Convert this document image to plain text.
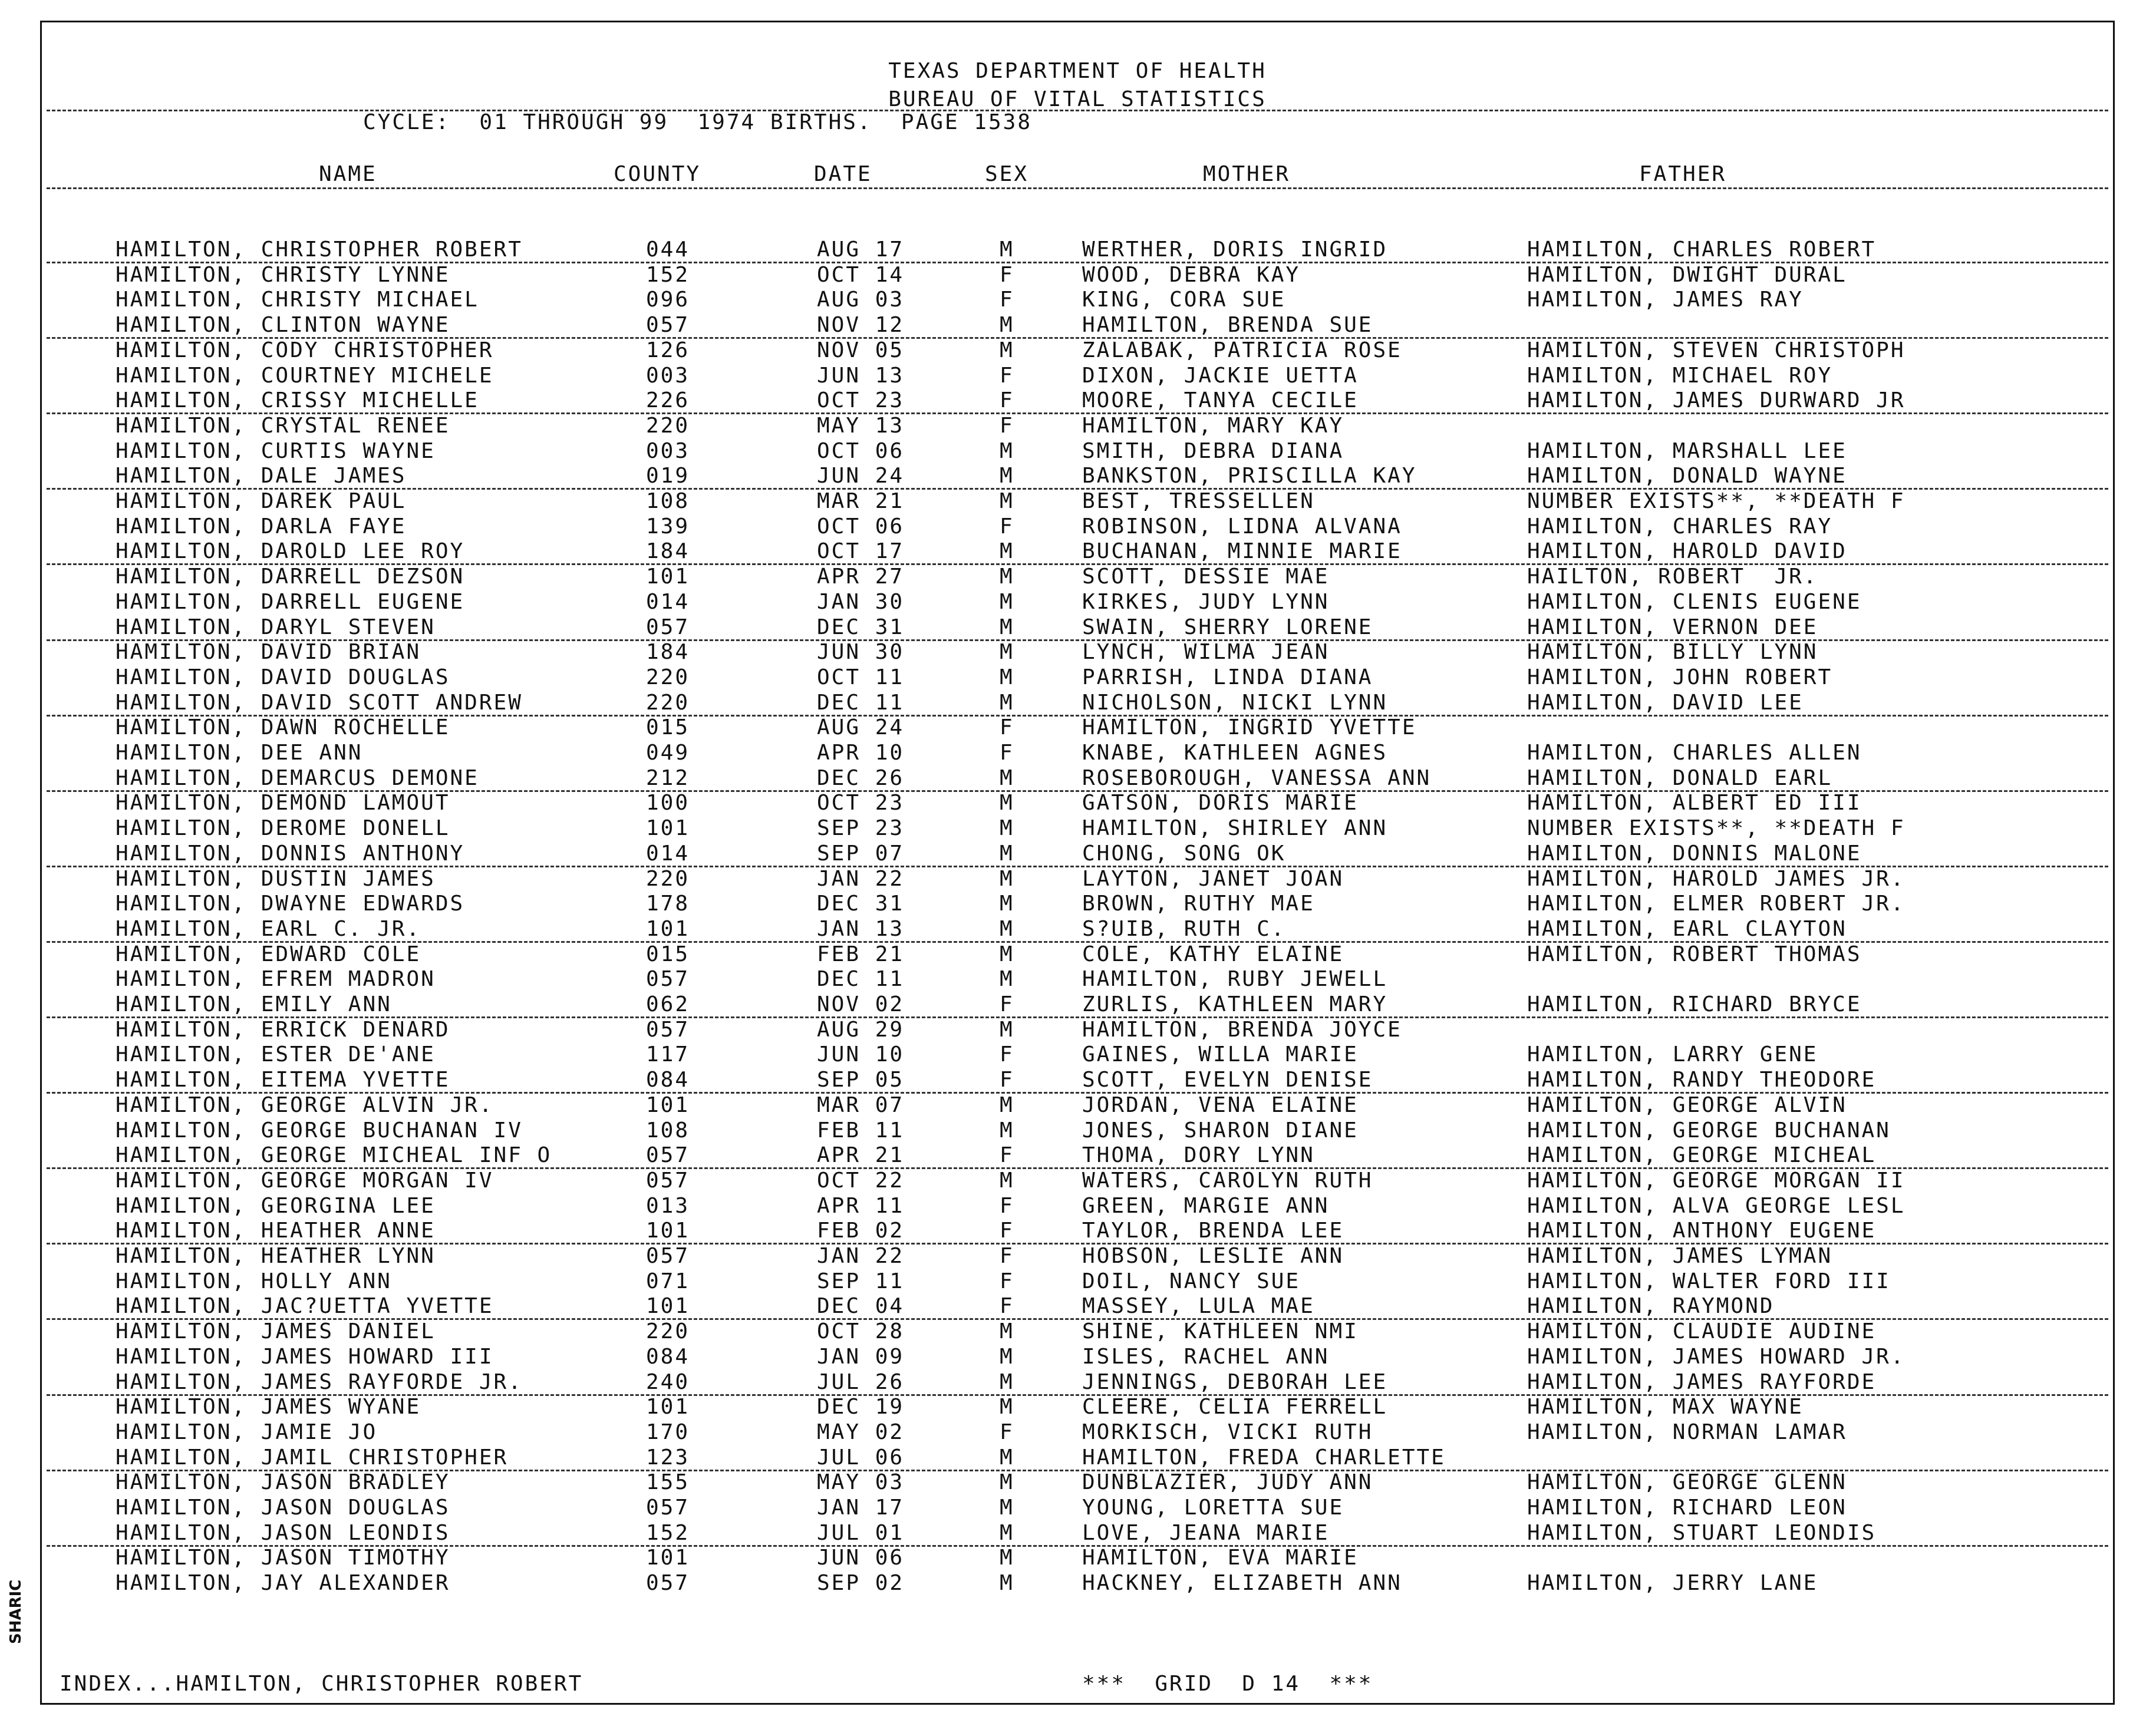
TEXAS DEPARTMENT OF HEALTH
BUREAU OF VITAL STATISTICS
CYCLE:  01 THROUGH 99  1974 BIRTHS.  PAGE 1538
NAME	COUNTY	DATE	SEX	MOTHER	FATHER
HAMILTON, CHRISTOPHER ROBERT	044	AUG 17	M	WERTHER, DORIS INGRID	HAMILTON, CHARLES ROBERT
HAMILTON, CHRISTY LYNNE	152	OCT 14	F	WOOD, DEBRA KAY	HAMILTON, DWIGHT DURAL
HAMILTON, CHRISTY MICHAEL	096	AUG 03	F	KING, CORA SUE	HAMILTON, JAMES RAY
HAMILTON, CLINTON WAYNE	057	NOV 12	M	HAMILTON, BRENDA SUE
HAMILTON, CODY CHRISTOPHER	126	NOV 05	M	ZALABAK, PATRICIA ROSE	HAMILTON, STEVEN CHRISTOPH
HAMILTON, COURTNEY MICHELE	003	JUN 13	F	DIXON, JACKIE UETTA	HAMILTON, MICHAEL ROY
HAMILTON, CRISSY MICHELLE	226	OCT 23	F	MOORE, TANYA CECILE	HAMILTON, JAMES DURWARD JR
HAMILTON, CRYSTAL RENEE	220	MAY 13	F	HAMILTON, MARY KAY
HAMILTON, CURTIS WAYNE	003	OCT 06	M	SMITH, DEBRA DIANA	HAMILTON, MARSHALL LEE
HAMILTON, DALE JAMES	019	JUN 24	M	BANKSTON, PRISCILLA KAY	HAMILTON, DONALD WAYNE
HAMILTON, DAREK PAUL	108	MAR 21	M	BEST, TRESSELLEN	NUMBER EXISTS**, **DEATH F
HAMILTON, DARLA FAYE	139	OCT 06	F	ROBINSON, LIDNA ALVANA	HAMILTON, CHARLES RAY
HAMILTON, DAROLD LEE ROY	184	OCT 17	M	BUCHANAN, MINNIE MARIE	HAMILTON, HAROLD DAVID
HAMILTON, DARRELL DEZSON	101	APR 27	M	SCOTT, DESSIE MAE	HAILTON, ROBERT  JR.
HAMILTON, DARRELL EUGENE	014	JAN 30	M	KIRKES, JUDY LYNN	HAMILTON, CLENIS EUGENE
HAMILTON, DARYL STEVEN	057	DEC 31	M	SWAIN, SHERRY LORENE	HAMILTON, VERNON DEE
HAMILTON, DAVID BRIAN	184	JUN 30	M	LYNCH, WILMA JEAN	HAMILTON, BILLY LYNN
HAMILTON, DAVID DOUGLAS	220	OCT 11	M	PARRISH, LINDA DIANA	HAMILTON, JOHN ROBERT
HAMILTON, DAVID SCOTT ANDREW	220	DEC 11	M	NICHOLSON, NICKI LYNN	HAMILTON, DAVID LEE
HAMILTON, DAWN ROCHELLE	015	AUG 24	F	HAMILTON, INGRID YVETTE
HAMILTON, DEE ANN	049	APR 10	F	KNABE, KATHLEEN AGNES	HAMILTON, CHARLES ALLEN
HAMILTON, DEMARCUS DEMONE	212	DEC 26	M	ROSEBOROUGH, VANESSA ANN	HAMILTON, DONALD EARL
HAMILTON, DEMOND LAMOUT	100	OCT 23	M	GATSON, DORIS MARIE	HAMILTON, ALBERT ED III
HAMILTON, DEROME DONELL	101	SEP 23	M	HAMILTON, SHIRLEY ANN	NUMBER EXISTS**, **DEATH F
HAMILTON, DONNIS ANTHONY	014	SEP 07	M	CHONG, SONG OK	HAMILTON, DONNIS MALONE
HAMILTON, DUSTIN JAMES	220	JAN 22	M	LAYTON, JANET JOAN	HAMILTON, HAROLD JAMES JR.
HAMILTON, DWAYNE EDWARDS	178	DEC 31	M	BROWN, RUTHY MAE	HAMILTON, ELMER ROBERT JR.
HAMILTON, EARL C. JR.	101	JAN 13	M	S?UIB, RUTH C.	HAMILTON, EARL CLAYTON
HAMILTON, EDWARD COLE	015	FEB 21	M	COLE, KATHY ELAINE	HAMILTON, ROBERT THOMAS
HAMILTON, EFREM MADRON	057	DEC 11	M	HAMILTON, RUBY JEWELL
HAMILTON, EMILY ANN	062	NOV 02	F	ZURLIS, KATHLEEN MARY	HAMILTON, RICHARD BRYCE
HAMILTON, ERRICK DENARD	057	AUG 29	M	HAMILTON, BRENDA JOYCE
HAMILTON, ESTER DE'ANE	117	JUN 10	F	GAINES, WILLA MARIE	HAMILTON, LARRY GENE
HAMILTON, EITEMA YVETTE	084	SEP 05	F	SCOTT, EVELYN DENISE	HAMILTON, RANDY THEODORE
HAMILTON, GEORGE ALVIN JR.	101	MAR 07	M	JORDAN, VENA ELAINE	HAMILTON, GEORGE ALVIN
HAMILTON, GEORGE BUCHANAN IV	108	FEB 11	M	JONES, SHARON DIANE	HAMILTON, GEORGE BUCHANAN
HAMILTON, GEORGE MICHEAL INF O	057	APR 21	F	THOMA, DORY LYNN	HAMILTON, GEORGE MICHEAL
HAMILTON, GEORGE MORGAN IV	057	OCT 22	M	WATERS, CAROLYN RUTH	HAMILTON, GEORGE MORGAN II
HAMILTON, GEORGINA LEE	013	APR 11	F	GREEN, MARGIE ANN	HAMILTON, ALVA GEORGE LESL
HAMILTON, HEATHER ANNE	101	FEB 02	F	TAYLOR, BRENDA LEE	HAMILTON, ANTHONY EUGENE
HAMILTON, HEATHER LYNN	057	JAN 22	F	HOBSON, LESLIE ANN	HAMILTON, JAMES LYMAN
HAMILTON, HOLLY ANN	071	SEP 11	F	DOIL, NANCY SUE	HAMILTON, WALTER FORD III
HAMILTON, JAC?UETTA YVETTE	101	DEC 04	F	MASSEY, LULA MAE	HAMILTON, RAYMOND
HAMILTON, JAMES DANIEL	220	OCT 28	M	SHINE, KATHLEEN NMI	HAMILTON, CLAUDIE AUDINE
HAMILTON, JAMES HOWARD III	084	JAN 09	M	ISLES, RACHEL ANN	HAMILTON, JAMES HOWARD JR.
HAMILTON, JAMES RAYFORDE JR.	240	JUL 26	M	JENNINGS, DEBORAH LEE	HAMILTON, JAMES RAYFORDE
HAMILTON, JAMES WYANE	101	DEC 19	M	CLEERE, CELIA FERRELL	HAMILTON, MAX WAYNE
HAMILTON, JAMIE JO	170	MAY 02	F	MORKISCH, VICKI RUTH	HAMILTON, NORMAN LAMAR
HAMILTON, JAMIL CHRISTOPHER	123	JUL 06	M	HAMILTON, FREDA CHARLETTE
HAMILTON, JASON BRADLEY	155	MAY 03	M	DUNBLAZIER, JUDY ANN	HAMILTON, GEORGE GLENN
HAMILTON, JASON DOUGLAS	057	JAN 17	M	YOUNG, LORETTA SUE	HAMILTON, RICHARD LEON
HAMILTON, JASON LEONDIS	152	JUL 01	M	LOVE, JEANA MARIE	HAMILTON, STUART LEONDIS
HAMILTON, JASON TIMOTHY	101	JUN 06	M	HAMILTON, EVA MARIE
HAMILTON, JAY ALEXANDER	057	SEP 02	M	HACKNEY, ELIZABETH ANN	HAMILTON, JERRY LANE
INDEX...HAMILTON, CHRISTOPHER ROBERT	***  GRID  D 14  ***
SHARIC
